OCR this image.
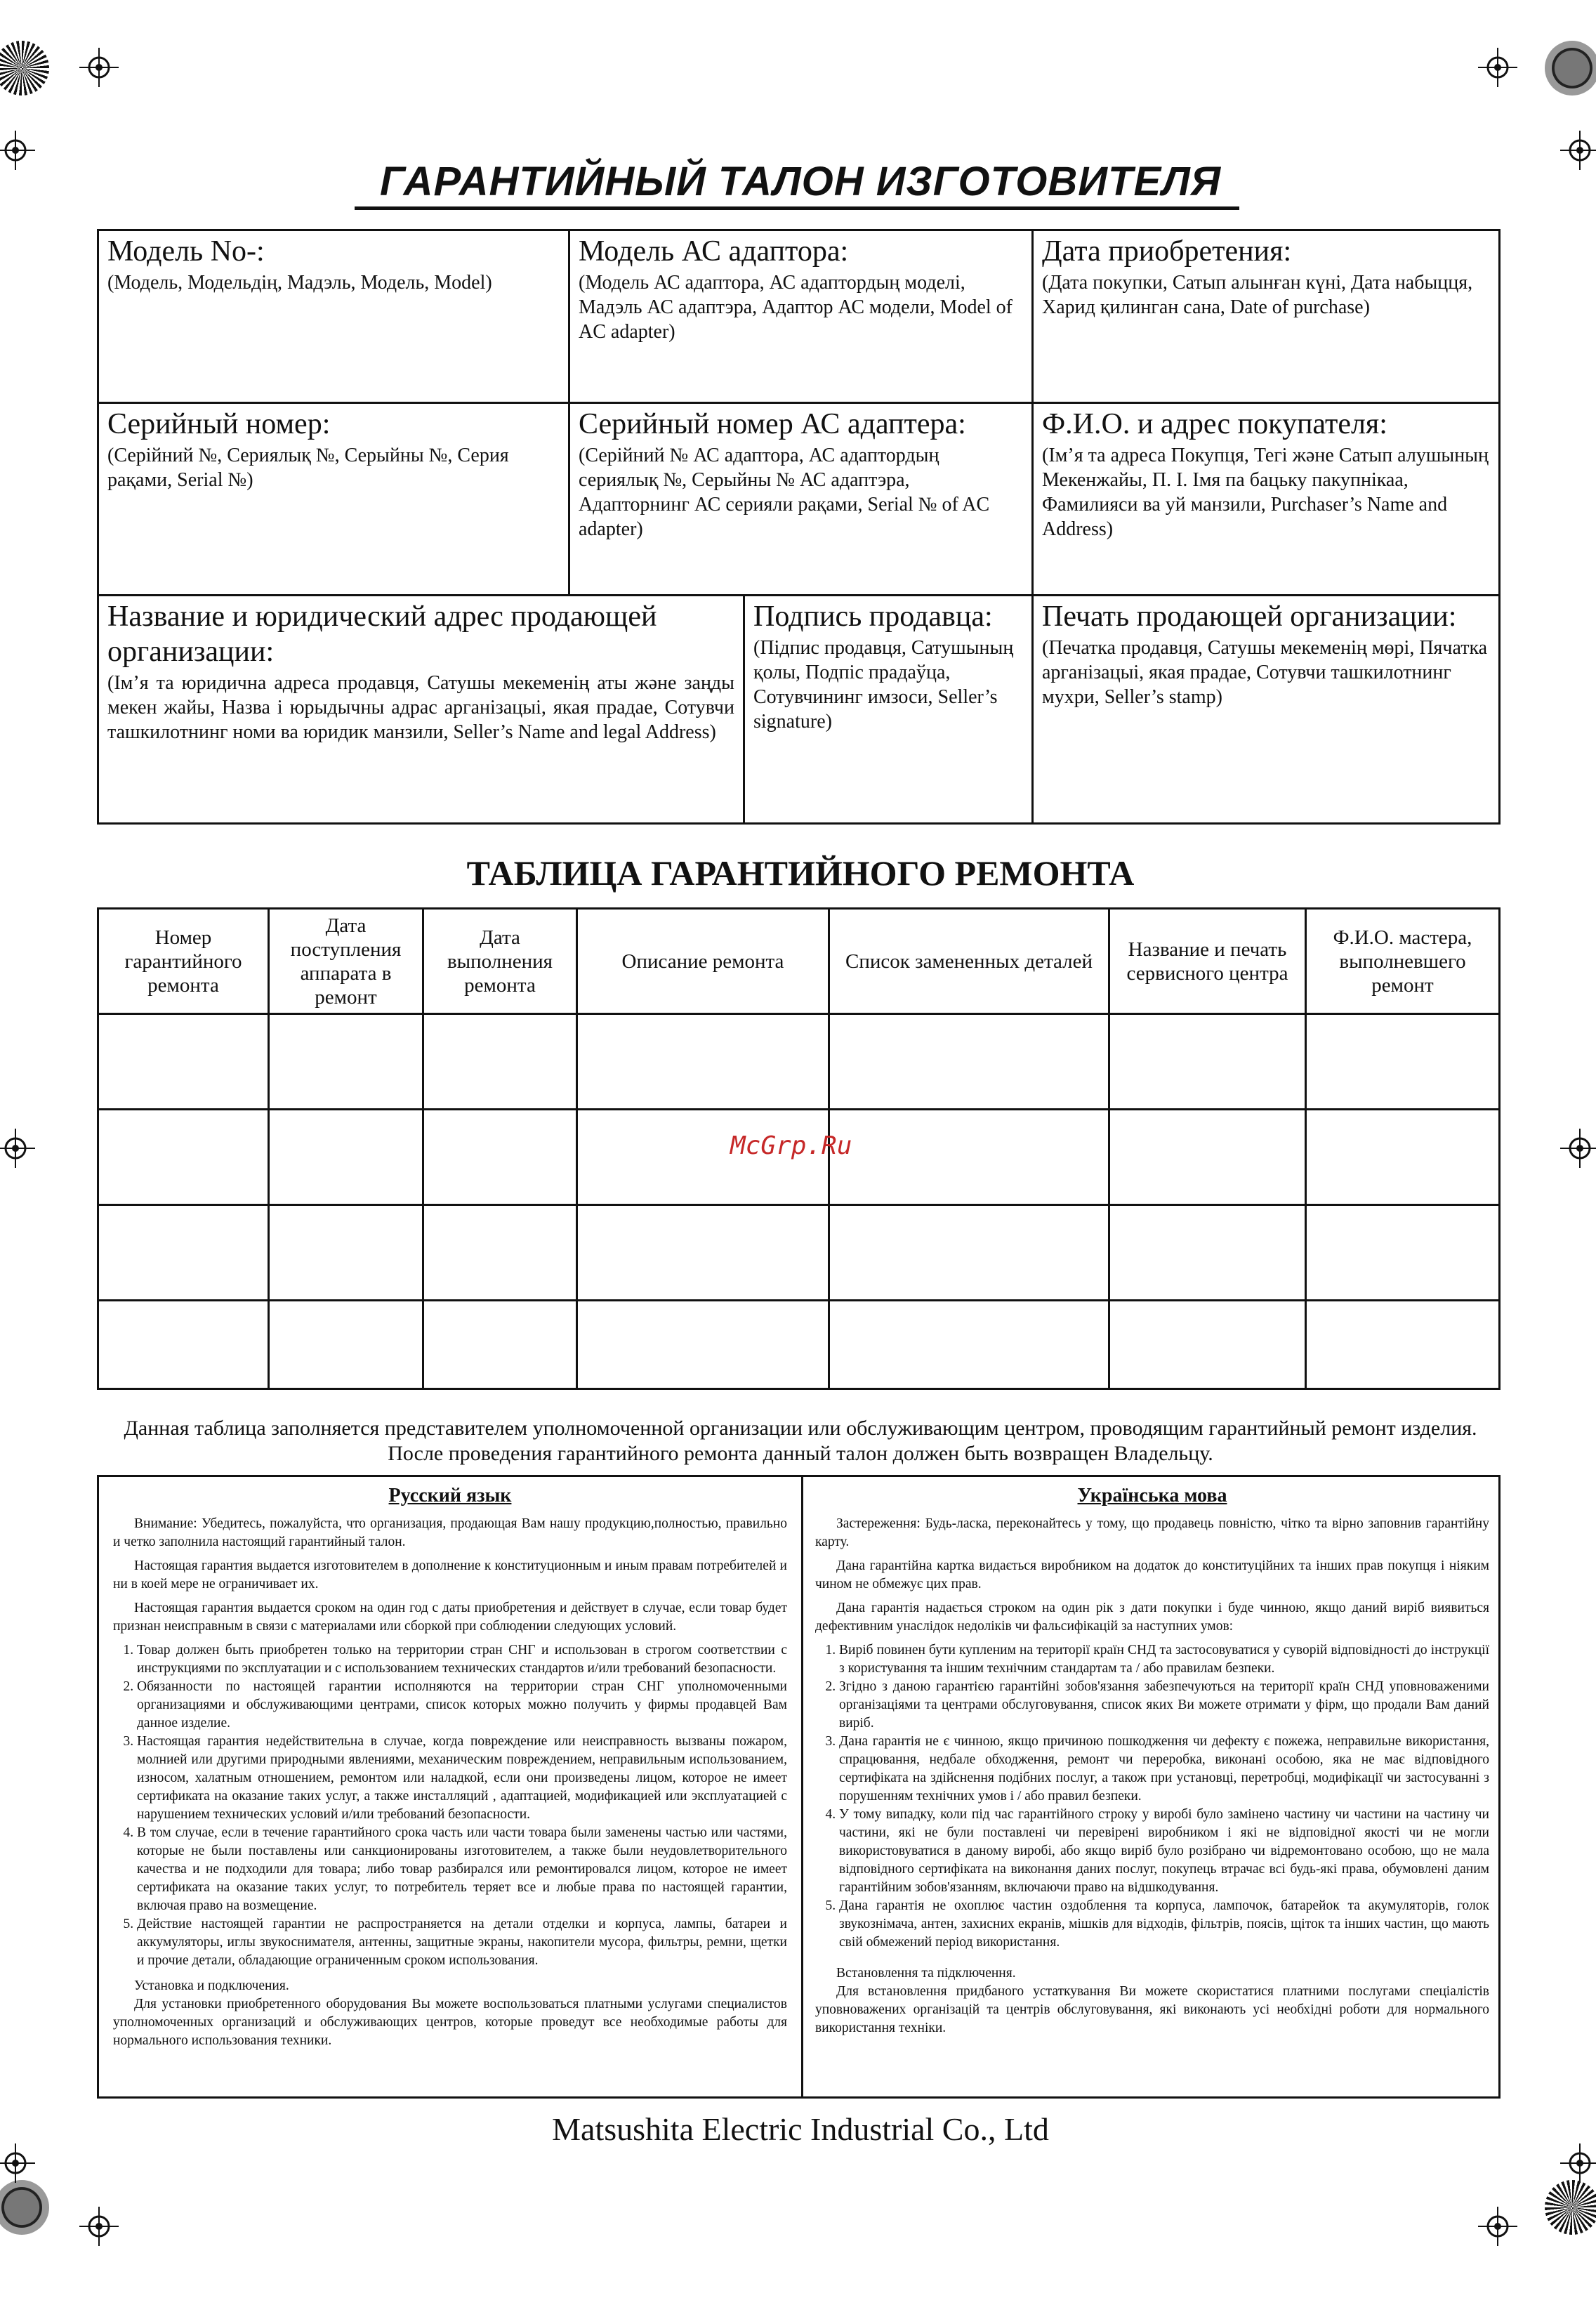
ГАРАНТИЙНЫЙ ТАЛОН ИЗГОТОВИТЕЛЯ
Модель No-:
(Модель, Модельдің, Мадэль, Модель, Model)
Модель АС адаптора:
(Модель АС адаптора, АС адаптордың моделі, Мадэль АС адаптэра, Адаптор АС модели, Model of AC adapter)
Дата приобретения:
(Дата покупки, Сатып алынған күні, Дата набыцця, Харид қилинган сана, Date of purchase)
Серийный номер:
(Серійний №, Сериялық №, Серыйны №, Серия рақами, Serial №)
Серийный номер АС адаптера:
(Серійний № АС адаптора, АС адаптордың сериялық №, Серыйны № АС адаптэра, Адапторнинг АС серияли рақами, Serial № of AC adapter)
Ф.И.О. и адрес покупателя:
(Ім’я та адреса Покупця, Тегі және Сатып алушының Мекенжайы, П. І. Імя па бацьку пакупнікаа, Фамилияси ва уй манзили, Purchaser’s Name and Address)
Название и юридический адрес продающей организации:
(Ім’я та юридична адреса продавця, Сатушы мекеменің аты және заңды мекен жайы, Назва і юрыдычны адрас арганізацыі, якая прадае, Сотувчи ташкилотнинг номи ва юридик манзили, Seller’s Name and legal Address)
Подпись продавца:
(Підпис продавця, Сатушының қолы, Подпіс прадаўца, Сотувчининг имзоси, Seller’s signature)
Печать продающей организации:
(Печатка продавця, Сатушы мекеменің мөрі, Пячатка арганізацыі, якая прадае, Сотувчи ташкилотнинг мухри, Seller’s stamp)
ТАБЛИЦА ГАРАНТИЙНОГО РЕМОНТА
Номер гарантийного ремонта
Дата поступления аппарата в ремонт
Дата выполнения ремонта
Описание ремонта	Список замененных деталей
Название и печать сервисного центра
Ф.И.О. мастера, выполневшего ремонт
McGrp.Ru
Данная таблица заполняется представителем уполномоченной организации или обслуживающим центром, проводящим гарантийный ремонт изделия.
После проведения гарантийного ремонта данный талон должен быть возвращен Владельцу.
Русский язык

Внимание: Убедитесь, пожалуйста, что организация, продающая Вам нашу продукцию,полностью, правильно и четко заполнила настоящий гарантийный талон.

Настоящая гарантия выдается изготовителем в дополнение к конституционным и иным правам потребителей и ни в коей мере не ограничивает их.

Настоящая гарантия выдается сроком на один год с даты приобретения и действует в случае, если товар будет признан неисправным в связи с материалами или сборкой при соблюдении следующих условий.

1. Товар должен быть приобретен только на территории стран СНГ и использован в строгом соответствии с инструкциями по эксплуатации и с использованием технических стандартов и/или требований безопасности.
2. Обязанности по настоящей гарантии исполняются на территории стран СНГ уполномоченными организациями и обслуживающими центрами, список которых можно получить у фирмы продавцей Вам данное изделие.
3. Настоящая гарантия недействительна в случае, когда повреждение или неисправность вызваны пожаром, молнией или другими природными явлениями, механическим повреждением, неправильным использованием, износом, халатным отношением, ремонтом или наладкой, если они произведены лицом, которое не имеет сертификата на оказание таких услуг, а также инсталляций , адаптацией, модификацией или эксплуатацией с нарушением технических условий и/или требований безопасности.
4. В том случае, если в течение гарантийного срока часть или части товара были заменены частью или частями, которые не были поставлены или санкционированы изготовителем, а также были неудовлетворительного качества и не подходили для товара; либо товар разбирался или ремонтировался лицом, которое не имеет сертификата на оказание таких услуг, то потребитель теряет все и любые права по настоящей гарантии, включая право на возмещение.
5. Действие настоящей гарантии не распространяется на детали отделки и корпуса, лампы, батареи и аккумуляторы, иглы звукоснимателя, антенны, защитные экраны, накопители мусора, фильтры, ремни, щетки и прочие детали, обладающие ограниченным сроком использования.

Установка и подключения.

Для установки приобретенного оборудования Вы можете воспользоваться платными услугами специалистов уполномоченных организаций и обслуживающих центров, которые проведут все необходимые работы для нормального использования техники.

Українська мова

Застереження: Будь-ласка, переконайтесь у тому, що продавець повністю, чітко та вірно заповнив гарантійну карту.

Дана гарантійна картка видається виробником на додаток до конституційних та інших прав покупця і ніяким чином не обмежує цих прав.

Дана гарантія надається строком на один рік з дати покупки і буде чинною, якщо даний виріб виявиться дефективним унаслідок недоліків чи фальсифікацій за наступних умов:

1. Виріб повинен бути купленим на території країн СНД та застосовуватися у суворій відповідності до інструкції з користування та іншим технічним стандартам та / або правилам безпеки.
2. Згідно з даною гарантією гарантійні зобов'язання забезпечуються на території країн СНД уповноваженими організаціями та центрами обслуговування, список яких Ви можете отримати у фірм, що продали Вам даний виріб.
3. Дана гарантія не є чинною, якщо причиною пошкодження чи дефекту є пожежа, неправильне використання, спрацювання, недбале обходження, ремонт чи переробка, виконані особою, яка не має відповідного сертифіката на здійснення подібних послуг, а також при установці, перетробці, модифікації чи застосуванні з порушенням технічних умов і / або правил безпеки.
4. У тому випадку, коли під час гарантійного строку у виробі було замінено частину чи частини на частину чи частини, які не були поставлені чи перевірені виробником і які не відповідної якості чи не могли використовуватися в даному виробі, або якщо виріб було розібрано чи відремонтовано особою, що не мала відповідного сертифіката на виконання даних послуг, покупець втрачає всі будь-які права, обумовлені даним гарантійним зобов'язанням, включаючи право на відшкодування.
5. Дана гарантія не охоплює частин оздоблення та корпуса, лампочок, батарейок та акумуляторів, голок звукознімача, антен, захисних екранів, мішків для відходів, фільтрів, поясів, щіток та інших частин, що мають свій обмежений період використання.

Встановлення та підключення.

Для встановлення придбаного устаткування Ви можете скористатися платними послугами спеціалістів уповноважених організацій та центрів обслуговування, які виконають усі необхідні роботи для нормального використання техніки.

Matsushita Electric Industrial Co., Ltd
